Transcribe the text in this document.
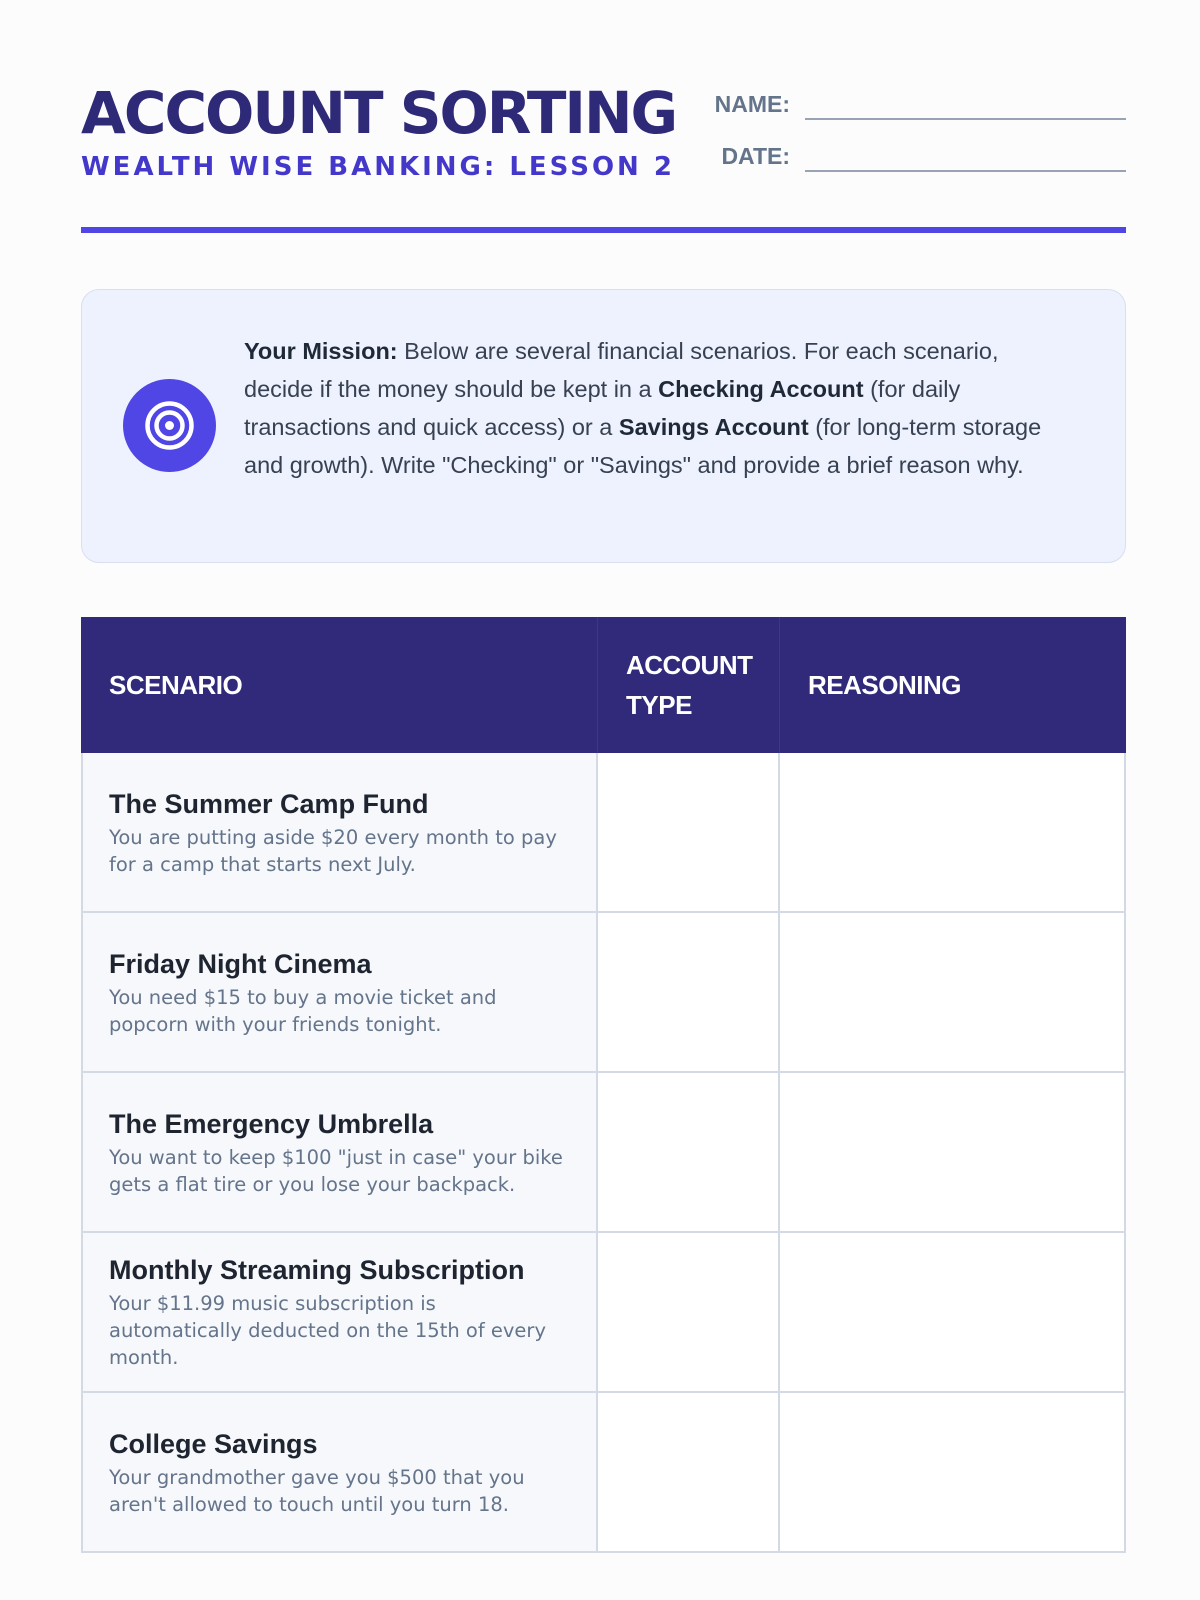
ACCOUNT SORTING
WEALTH WISE BANKING: LESSON 2
NAME:
DATE:
Your Mission: Below are several financial scenarios. For each scenario, decide if the money should be kept in a Checking Account (for daily transactions and quick access) or a Savings Account (for long-term storage and growth). Write "Checking" or "Savings" and provide a brief reason why.
SCENARIO
ACCOUNT TYPE
REASONING
The Summer Camp Fund
You are putting aside $20 every month to pay for a camp that starts next July.
Friday Night Cinema
You need $15 to buy a movie ticket and popcorn with your friends tonight.
The Emergency Umbrella
You want to keep $100 "just in case" your bike gets a flat tire or you lose your backpack.
Monthly Streaming Subscription
Your $11.99 music subscription is automatically deducted on the 15th of every month.
College Savings
Your grandmother gave you $500 that you aren't allowed to touch until you turn 18.
